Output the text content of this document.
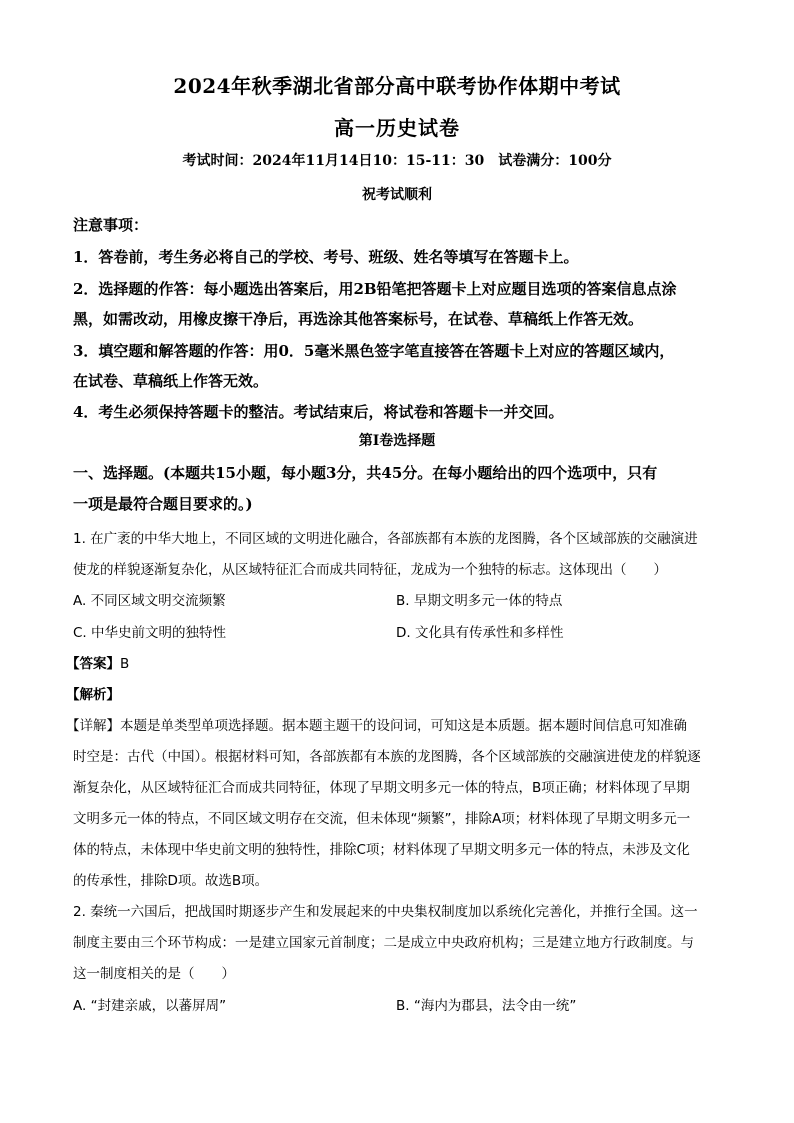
2024年秋季湖北省部分高中联考协作体期中考试
高一历史试卷
考试时间：2024年11月14日10：15-11：30　试卷满分：100分
祝考试顺利
注意事项：
1．答卷前，考生务必将自己的学校、考号、班级、姓名等填写在答题卡上。
2．选择题的作答：每小题选出答案后，用2B铅笔把答题卡上对应题目选项的答案信息点涂
黑，如需改动，用橡皮擦干净后，再选涂其他答案标号，在试卷、草稿纸上作答无效。
3．填空题和解答题的作答：用0．5毫米黑色签字笔直接答在答题卡上对应的答题区域内，
在试卷、草稿纸上作答无效。
4．考生必须保持答题卡的整洁。考试结束后，将试卷和答题卡一并交回。
第Ⅰ卷选择题
一、选择题。(本题共15小题，每小题3分，共45分。在每小题给出的四个选项中，只有
一项是最符合题目要求的。)
1. 在广袤的中华大地上，不同区域的文明进化融合，各部族都有本族的龙图腾，各个区域部族的交融演进
使龙的样貌逐渐复杂化，从区域特征汇合而成共同特征，龙成为一个独特的标志。这体现出（　　）
A. 不同区域文明交流频繁	B. 早期文明多元一体的特点
C. 中华史前文明的独特性	D. 文化具有传承性和多样性
【答案】B
【解析】
【详解】本题是单类型单项选择题。据本题主题干的设问词，可知这是本质题。据本题时间信息可知准确
时空是：古代（中国）。根据材料可知，各部族都有本族的龙图腾，各个区域部族的交融演进使龙的样貌逐
渐复杂化，从区域特征汇合而成共同特征，体现了早期文明多元一体的特点，B项正确；材料体现了早期
文明多元一体的特点，不同区域文明存在交流，但未体现“频繁”，排除A项；材料体现了早期文明多元一
体的特点，未体现中华史前文明的独特性，排除C项；材料体现了早期文明多元一体的特点，未涉及文化
的传承性，排除D项。故选B项。
2. 秦统一六国后，把战国时期逐步产生和发展起来的中央集权制度加以系统化完善化，并推行全国。这一
制度主要由三个环节构成：一是建立国家元首制度；二是成立中央政府机构；三是建立地方行政制度。与
这一制度相关的是（　　）
A. “封建亲戚，以蕃屏周”	B. “海内为郡县，法令由一统”
